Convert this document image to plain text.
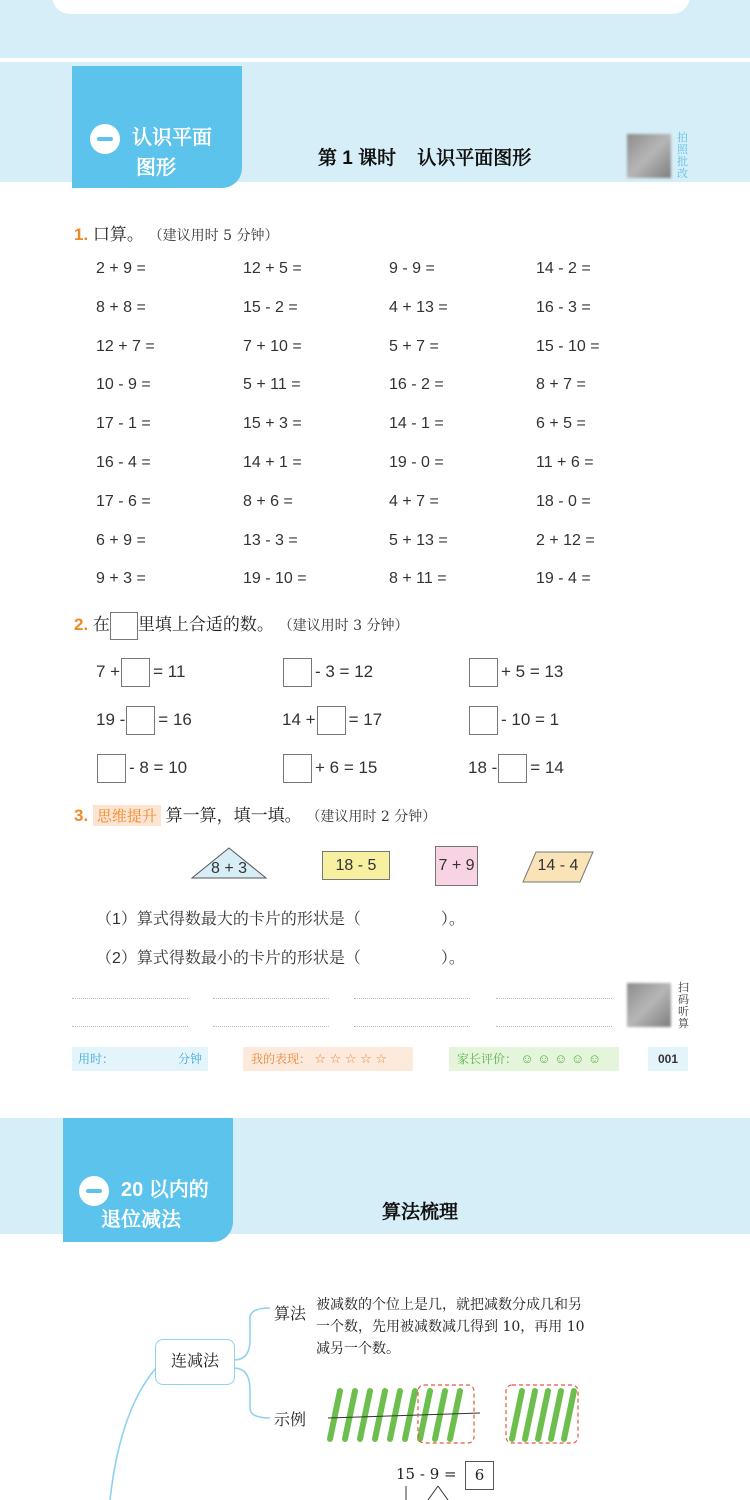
认识平面
图形	第 1 课时    认识平面图形
拍照批改
1. 口算。 （建议用时 5 分钟）
2 + 9 =	12 + 5 =	9 - 9 =	14 - 2 =
8 + 8 =	15 - 2 =	4 + 13 =	16 - 3 =
12 + 7 =	7 + 10 =	5 + 7 =	15 - 10 =
10 - 9 =	5 + 11 =	16 - 2 =	8 + 7 =
17 - 1 =	15 + 3 =	14 - 1 =	6 + 5 =
16 - 4 =	14 + 1 =	19 - 0 =	11 + 6 =
17 - 6 =	8 + 6 =	4 + 7 =	18 - 0 =
6 + 9 =	13 - 3 =	5 + 13 =	2 + 12 =
9 + 3 =	19 - 10 =	8 + 11 =	19 - 4 =
2. 在 里填上合适的数。 （建议用时 3 分钟）
7 + = 11	- 3 = 12	+ 5 = 13
19 - = 16	14 + = 17	- 10 = 1
- 8 = 10	+ 6 = 15	18 - = 14
3. 思维提升 算一算，填一填。 （建议用时 2 分钟）
8 + 3	18 - 5	7 + 9	14 - 4
（1）算式得数最大的卡片的形状是（                  ）。
（2）算式得数最小的卡片的形状是（                  ）。
扫码听算
用时：	分钟	我的表现： ☆ ☆ ☆ ☆ ☆	家长评价： ☺ ☺ ☺ ☺ ☺	001
20 以内的
退位减法	算法梳理
连减法
算法
被减数的个位上是几，就把减数分成几和另
一个数，先用被减数减几得到 10，再用 10
减另一个数。
示例
15 - 9 =	6
